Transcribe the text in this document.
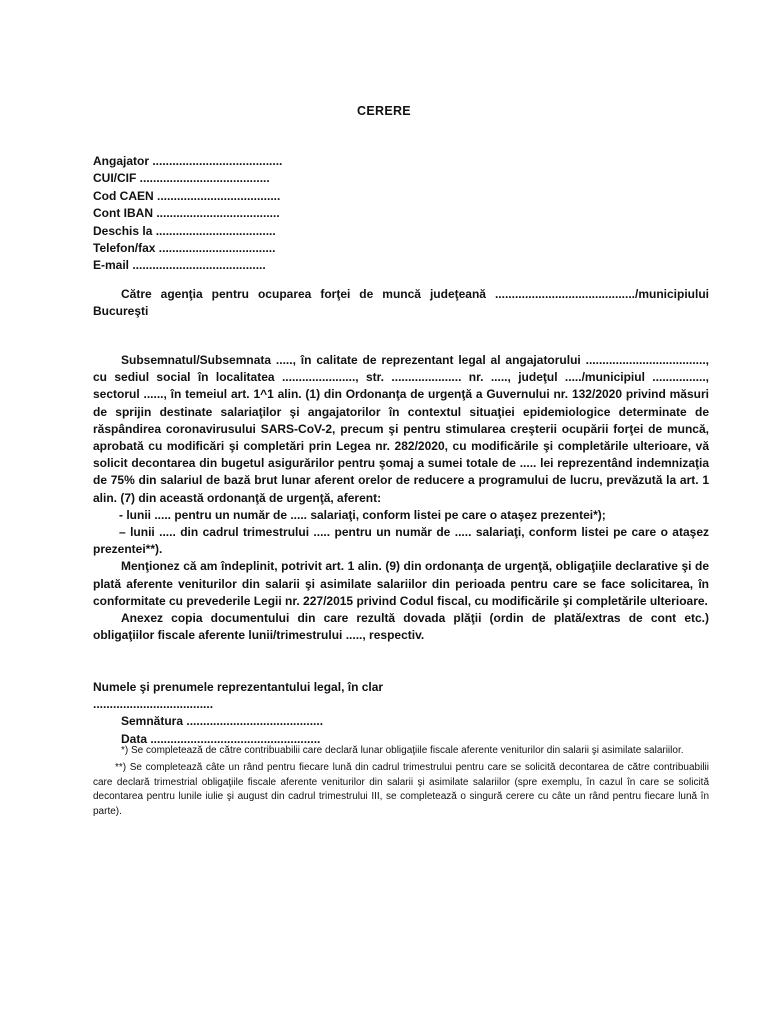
CERERE
Angajator .......................................
CUI/CIF .......................................
Cod CAEN .....................................
Cont IBAN .....................................
Deschis la ....................................
Telefon/fax ...................................
E-mail ........................................

Către agenţia pentru ocuparea forţei de muncă judeţeană ........................................../municipiului Bucureşti

Subsemnatul/Subsemnata ....., în calitate de reprezentant legal al angajatorului ...................................., cu sediul social în localitatea ......................, str. ..................... nr. ....., judeţul ...../municipiul ................, sectorul ......, în temeiul art. 1^1 alin. (1) din Ordonanţa de urgenţă a Guvernului nr. 132/2020 privind măsuri de sprijin destinate salariaţilor şi angajatorilor în contextul situaţiei epidemiologice determinate de răspândirea coronavirusului SARS-CoV-2, precum şi pentru stimularea creşterii ocupării forţei de muncă, aprobată cu modificări şi completări prin Legea nr. 282/2020, cu modificările şi completările ulterioare, vă solicit decontarea din bugetul asigurărilor pentru şomaj a sumei totale de ..... lei reprezentând indemnizaţia de 75% din salariul de bază brut lunar aferent orelor de reducere a programului de lucru, prevăzută la art. 1 alin. (7) din această ordonanţă de urgenţă, aferent:

- lunii ..... pentru un număr de ..... salariaţi, conform listei pe care o ataşez prezentei*);

– lunii ..... din cadrul trimestrului ..... pentru un număr de ..... salariaţi, conform listei pe care o ataşez prezentei**).

Menţionez că am îndeplinit, potrivit art. 1 alin. (9) din ordonanţa de urgenţă, obligaţiile declarative şi de plată aferente veniturilor din salarii şi asimilate salariilor din perioada pentru care se face solicitarea, în conformitate cu prevederile Legii nr. 227/2015 privind Codul fiscal, cu modificările şi completările ulterioare.

Anexez copia documentului din care rezultă dovada plăţii (ordin de plată/extras de cont etc.) obligaţiilor fiscale aferente lunii/trimestrului ....., respectiv.

Numele şi prenumele reprezentantului legal, în clar
....................................
Semnătura .........................................
Data ...................................................

*) Se completează de către contribuabilii care declară lunar obligaţiile fiscale aferente veniturilor din salarii şi asimilate salariilor.

**) Se completează câte un rând pentru fiecare lună din cadrul trimestrului pentru care se solicită decontarea de către contribuabilii care declară trimestrial obligaţiile fiscale aferente veniturilor din salarii şi asimilate salariilor (spre exemplu, în cazul în care se solicită decontarea pentru lunile iulie şi august din cadrul trimestrului III, se completează o singură cerere cu câte un rând pentru fiecare lună în parte).
